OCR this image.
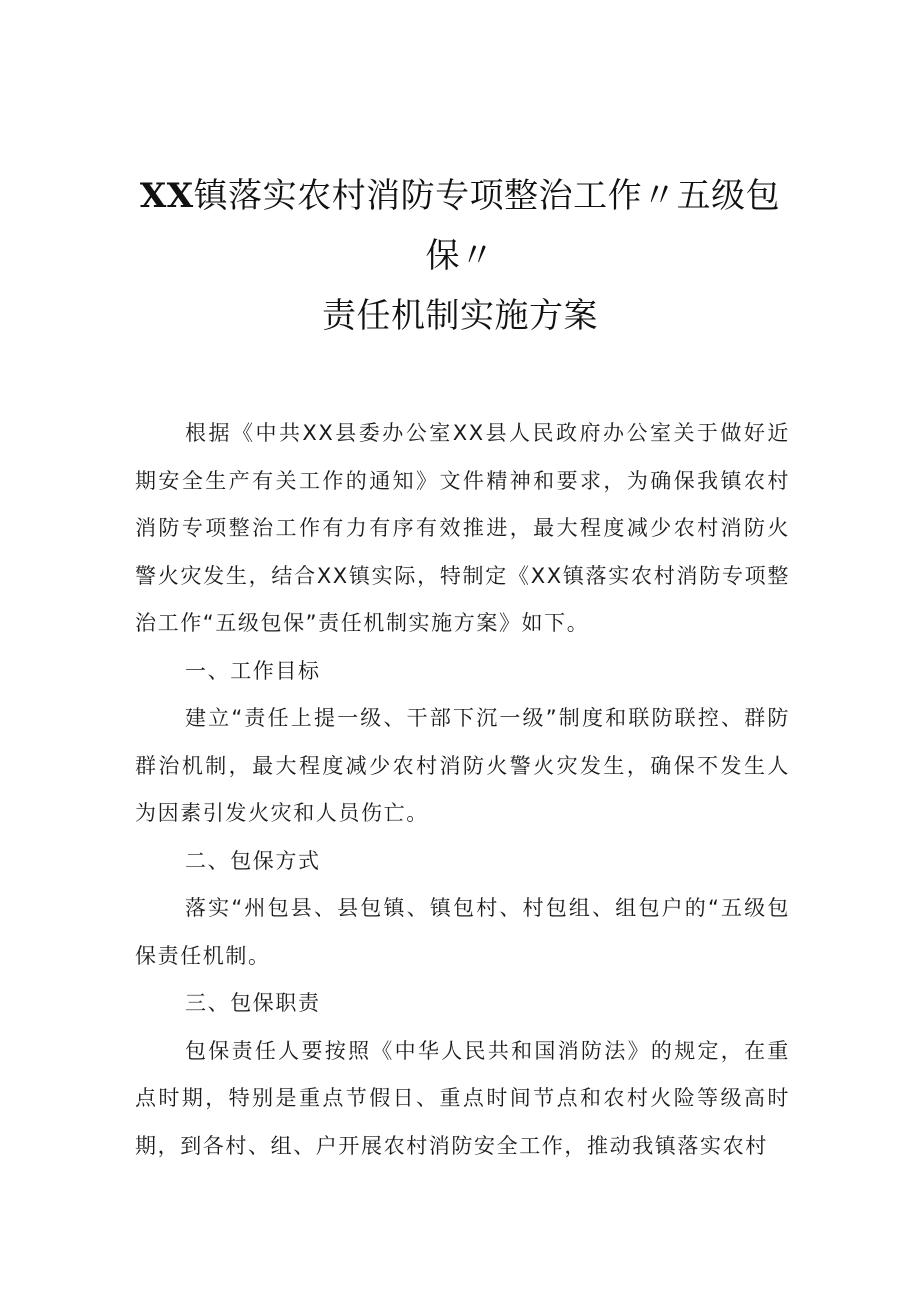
XX镇落实农村消防专项整治工作〃五级包
保〃
责任机制实施方案

根据《中共XX县委办公室XX县人民政府办公室关于做好近期安全生产有关工作的通知》文件精神和要求，为确保我镇农村消防专项整治工作有力有序有效推进，最大程度减少农村消防火警火灾发生，结合XX镇实际，特制定《XX镇落实农村消防专项整治工作“五级包保”责任机制实施方案》如下。

一、工作目标

建立“责任上提一级、干部下沉一级”制度和联防联控、群防群治机制，最大程度减少农村消防火警火灾发生，确保不发生人为因素引发火灾和人员伤亡。

二、包保方式

落实“州包县、县包镇、镇包村、村包组、组包户的“五级包保责任机制。

三、包保职责

包保责任人要按照《中华人民共和国消防法》的规定，在重点时期，特别是重点节假日、重点时间节点和农村火险等级高时期，到各村、组、户开展农村消防安全工作，推动我镇落实农村
